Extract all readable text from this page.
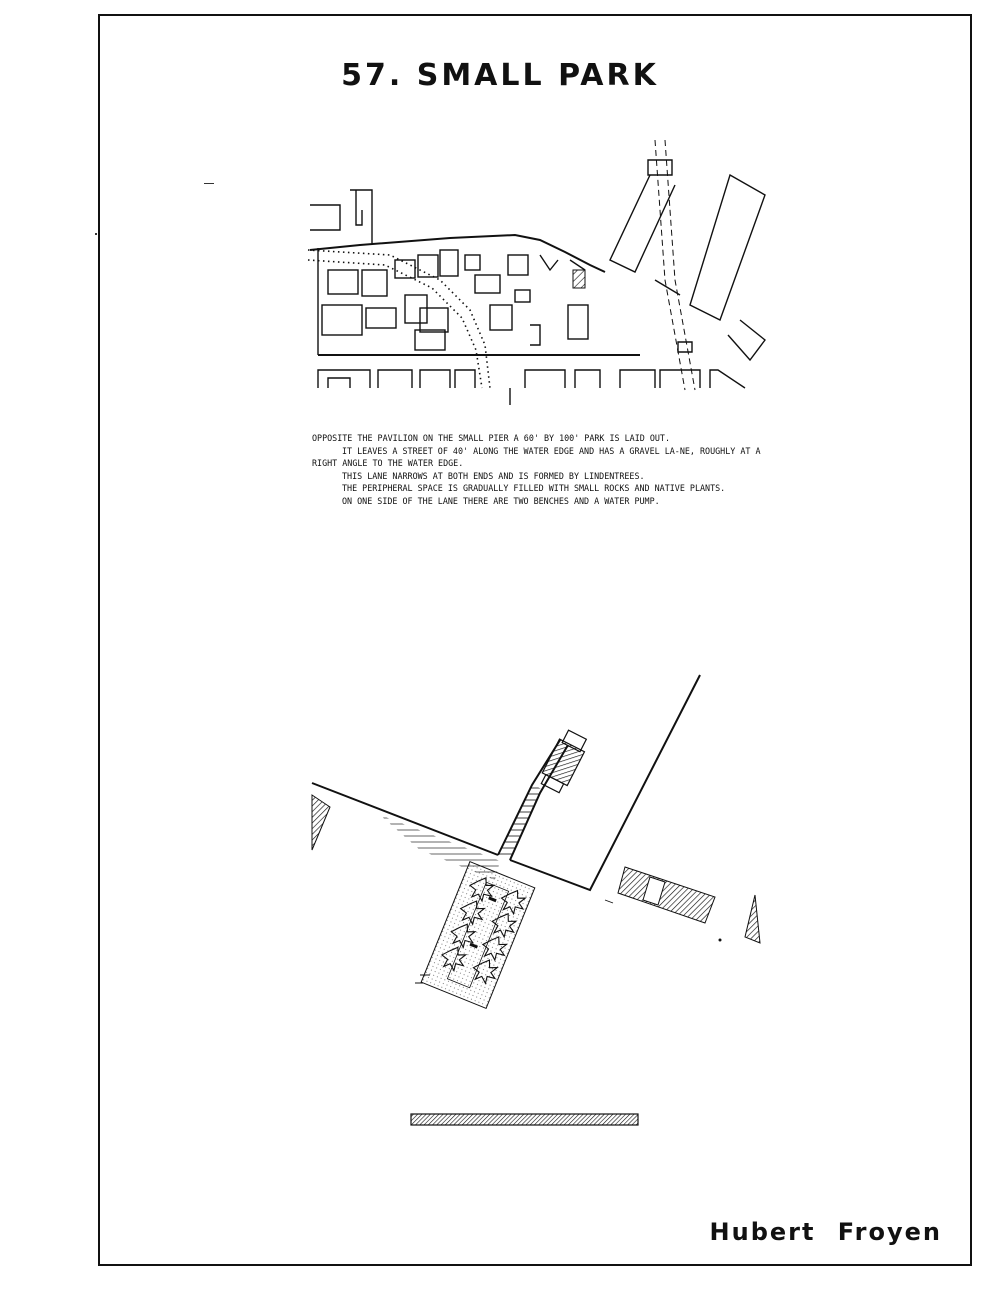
57. SMALL PARK

OPPOSITE THE PAVILION ON THE SMALL PIER A 60' BY 100' PARK IS LAID OUT.

IT LEAVES A STREET OF 40' ALONG THE WATER EDGE AND HAS A GRAVEL LA-NE, ROUGHLY AT A RIGHT ANGLE TO THE WATER EDGE.

THIS LANE NARROWS AT BOTH ENDS AND IS FORMED BY LINDENTREES.

THE PERIPHERAL SPACE IS GRADUALLY FILLED WITH SMALL ROCKS AND NATIVE PLANTS.

ON ONE SIDE OF THE LANE THERE ARE TWO BENCHES AND A WATER PUMP.

Hubert Froyen
